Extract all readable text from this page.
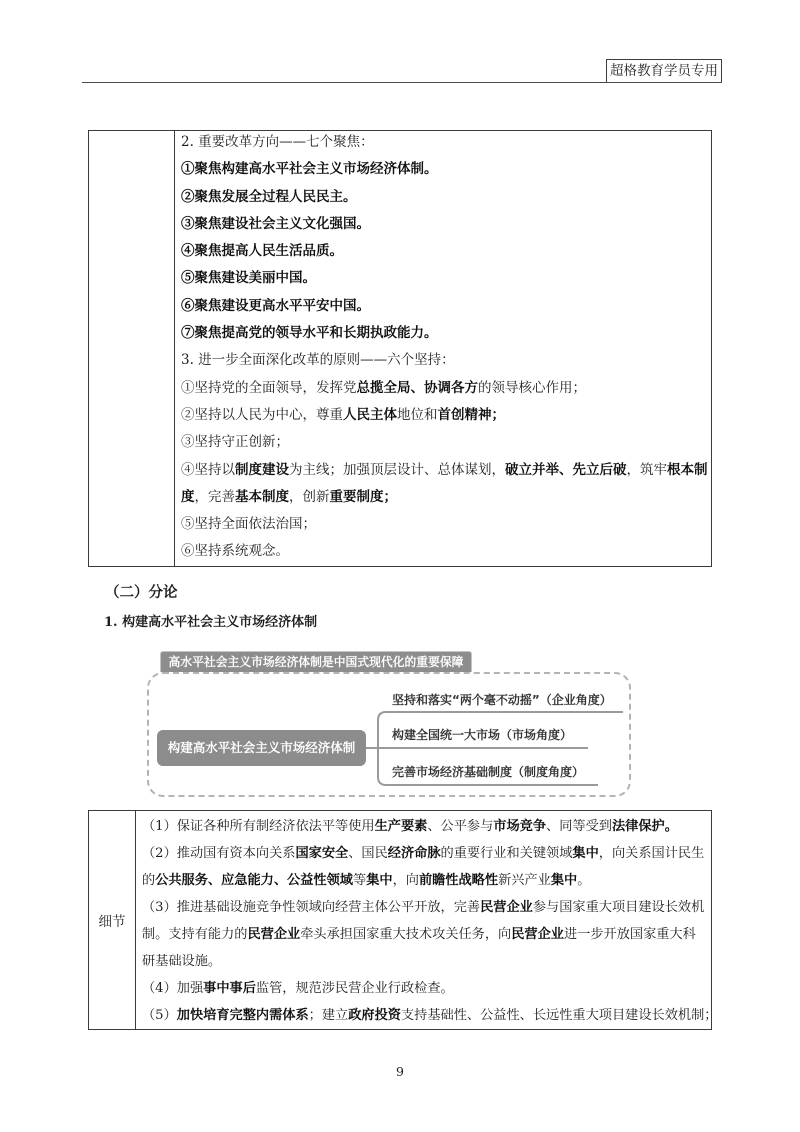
超格教育学员专用
2. 重要改革方向——七个聚焦：
①聚焦构建高水平社会主义市场经济体制。
②聚焦发展全过程人民民主。
③聚焦建设社会主义文化强国。
④聚焦提高人民生活品质。
⑤聚焦建设美丽中国。
⑥聚焦建设更高水平平安中国。
⑦聚焦提高党的领导水平和长期执政能力。
3. 进一步全面深化改革的原则——六个坚持：
①坚持党的全面领导，发挥党总揽全局、协调各方的领导核心作用；
②坚持以人民为中心，尊重人民主体地位和首创精神；
③坚持守正创新；
④坚持以制度建设为主线；加强顶层设计、总体谋划，破立并举、先立后破，筑牢根本制
度，完善基本制度，创新重要制度；
⑤坚持全面依法治国；
⑥坚持系统观念。
（二）分论
1. 构建高水平社会主义市场经济体制
高水平社会主义市场经济体制是中国式现代化的重要保障
构建高水平社会主义市场经济体制
坚持和落实“两个毫不动摇”（企业角度）
构建全国统一大市场（市场角度）
完善市场经济基础制度（制度角度）
细节
（1）保证各种所有制经济依法平等使用生产要素、公平参与市场竞争、同等受到法律保护。
（2）推动国有资本向关系国家安全、国民经济命脉的重要行业和关键领域集中，向关系国计民生
的公共服务、应急能力、公益性领域等集中，向前瞻性战略性新兴产业集中。
（3）推进基础设施竞争性领域向经营主体公平开放，完善民营企业参与国家重大项目建设长效机
制。支持有能力的民营企业牵头承担国家重大技术攻关任务，向民营企业进一步开放国家重大科
研基础设施。
（4）加强事中事后监管，规范涉民营企业行政检查。
（5）加快培育完整内需体系；建立政府投资支持基础性、公益性、长远性重大项目建设长效机制；
9
